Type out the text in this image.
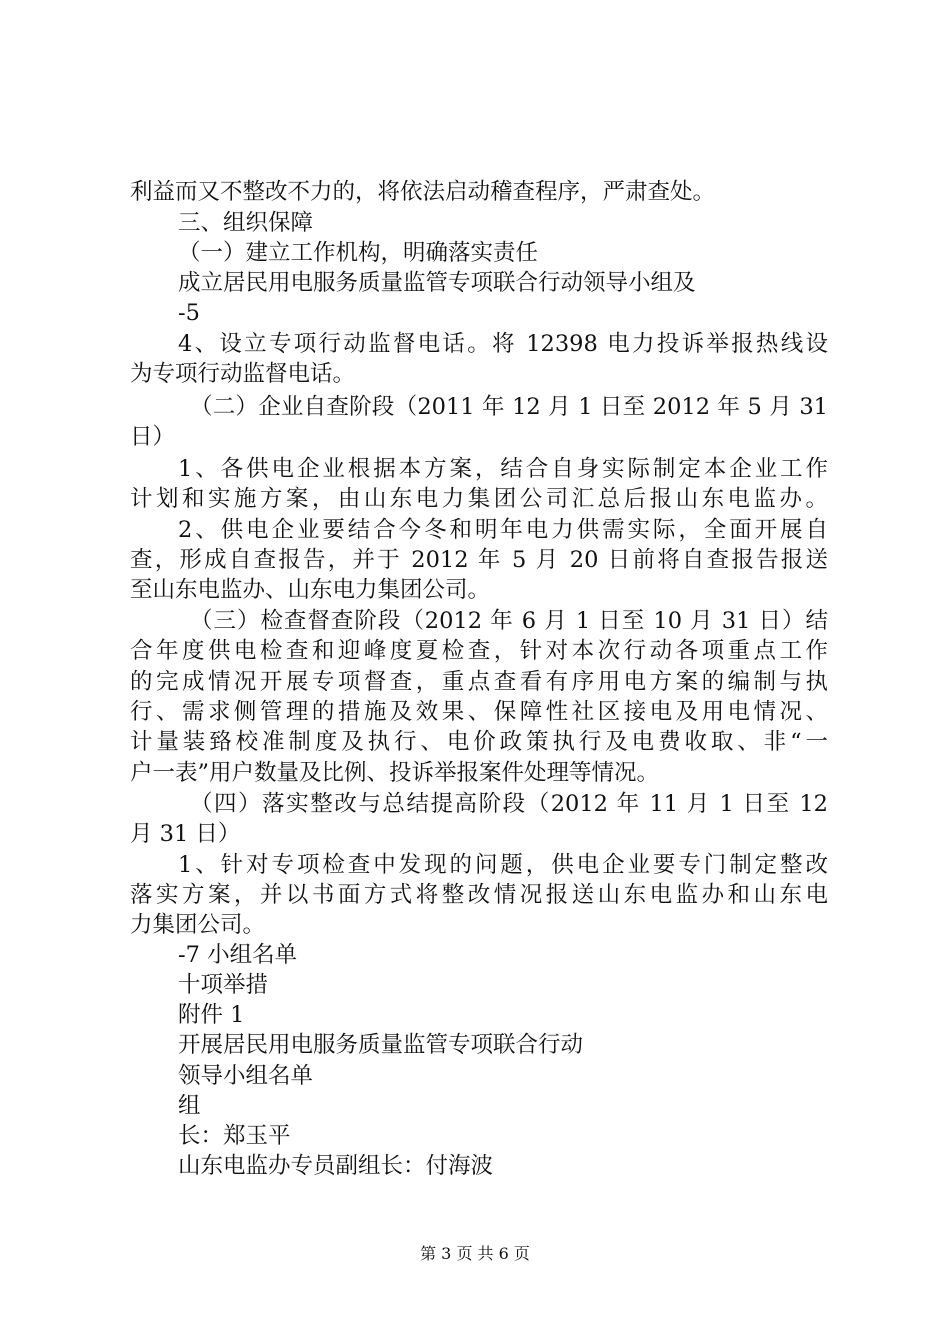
利益而又不整改不力的，将依法启动稽查程序，严肃查处。
三、组织保障
（一）建立工作机构，明确落实责任
成立居民用电服务质量监管专项联合行动领导小组及
-5
4、设立专项行动监督电话。将 12398 电力投诉举报热线设
为专项行动监督电话。
（二）企业自查阶段（2011 年 12 月 1 日至 2012 年 5 月 31
日）
1、各供电企业根据本方案，结合自身实际制定本企业工作
计划和实施方案，由山东电力集团公司汇总后报山东电监办。
2、供电企业要结合今冬和明年电力供需实际，全面开展自
查，形成自查报告，并于 2012 年 5 月 20 日前将自查报告报送
至山东电监办、山东电力集团公司。
（三）检查督查阶段（2012 年 6 月 1 日至 10 月 31 日）结
合年度供电检查和迎峰度夏检查，针对本次行动各项重点工作
的完成情况开展专项督查，重点查看有序用电方案的编制与执
行、需求侧管理的措施及效果、保障性社区接电及用电情况、
计量装臵校准制度及执行、电价政策执行及电费收取、非“一
户一表”用户数量及比例、投诉举报案件处理等情况。
（四）落实整改与总结提高阶段（2012 年 11 月 1 日至 12
月 31 日）
1、针对专项检查中发现的问题，供电企业要专门制定整改
落实方案，并以书面方式将整改情况报送山东电监办和山东电
力集团公司。
-7 小组名单
十项举措
附件 1
开展居民用电服务质量监管专项联合行动
领导小组名单
组
长：郑玉平
山东电监办专员副组长：付海波
第 3 页 共 6 页
